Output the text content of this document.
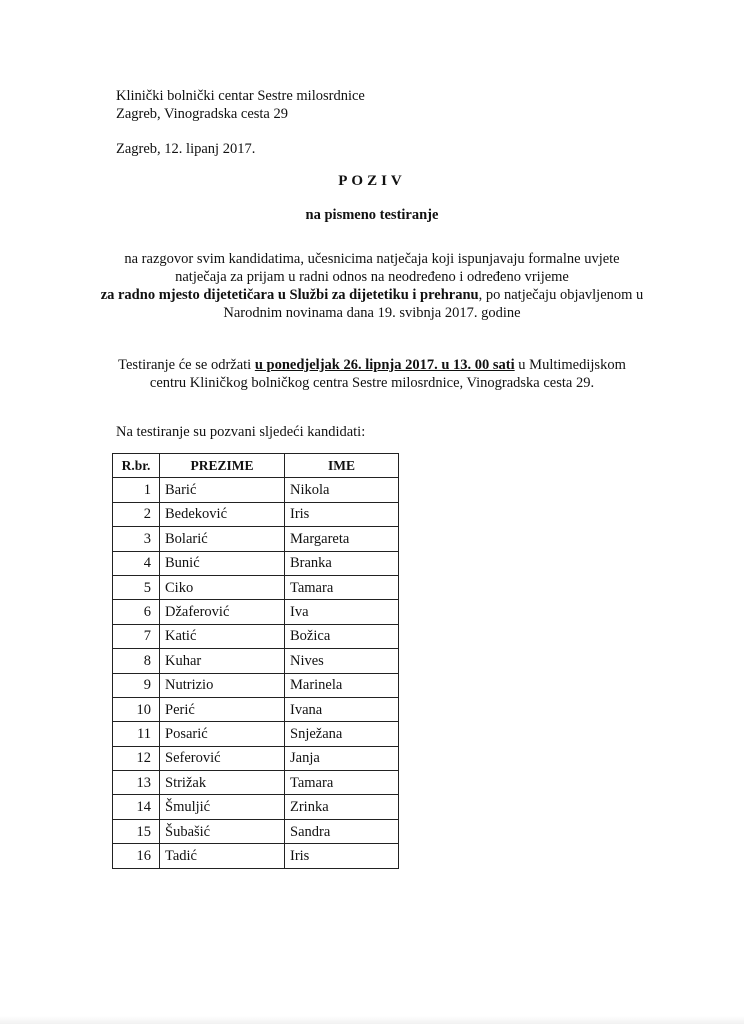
Klinički bolnički centar Sestre milosrdnice
Zagreb, Vinogradska cesta 29
Zagreb, 12. lipanj 2017.
POZIV
na pismeno testiranje
na razgovor svim kandidatima, učesnicima natječaja koji ispunjavaju formalne uvjete
natječaja za prijam u radni odnos na neodređeno i određeno vrijeme
za radno mjesto dijetetičara u Službi za dijetetiku i prehranu, po natječaju objavljenom u
Narodnim novinama dana 19. svibnja 2017. godine
Testiranje će se održati u ponedjeljak 26. lipnja 2017. u 13. 00 sati u Multimedijskom
centru Kliničkog bolničkog centra Sestre milosrdnice, Vinogradska cesta 29.
Na testiranje su pozvani sljedeći kandidati:
R.br.	PREZIME	IME
1	Barić	Nikola
2	Bedeković	Iris
3	Bolarić	Margareta
4	Bunić	Branka
5	Ciko	Tamara
6	Džaferović	Iva
7	Katić	Božica
8	Kuhar	Nives
9	Nutrizio	Marinela
10	Perić	Ivana
11	Posarić	Snježana
12	Seferović	Janja
13	Strižak	Tamara
14	Šmuljić	Zrinka
15	Šubašić	Sandra
16	Tadić	Iris
